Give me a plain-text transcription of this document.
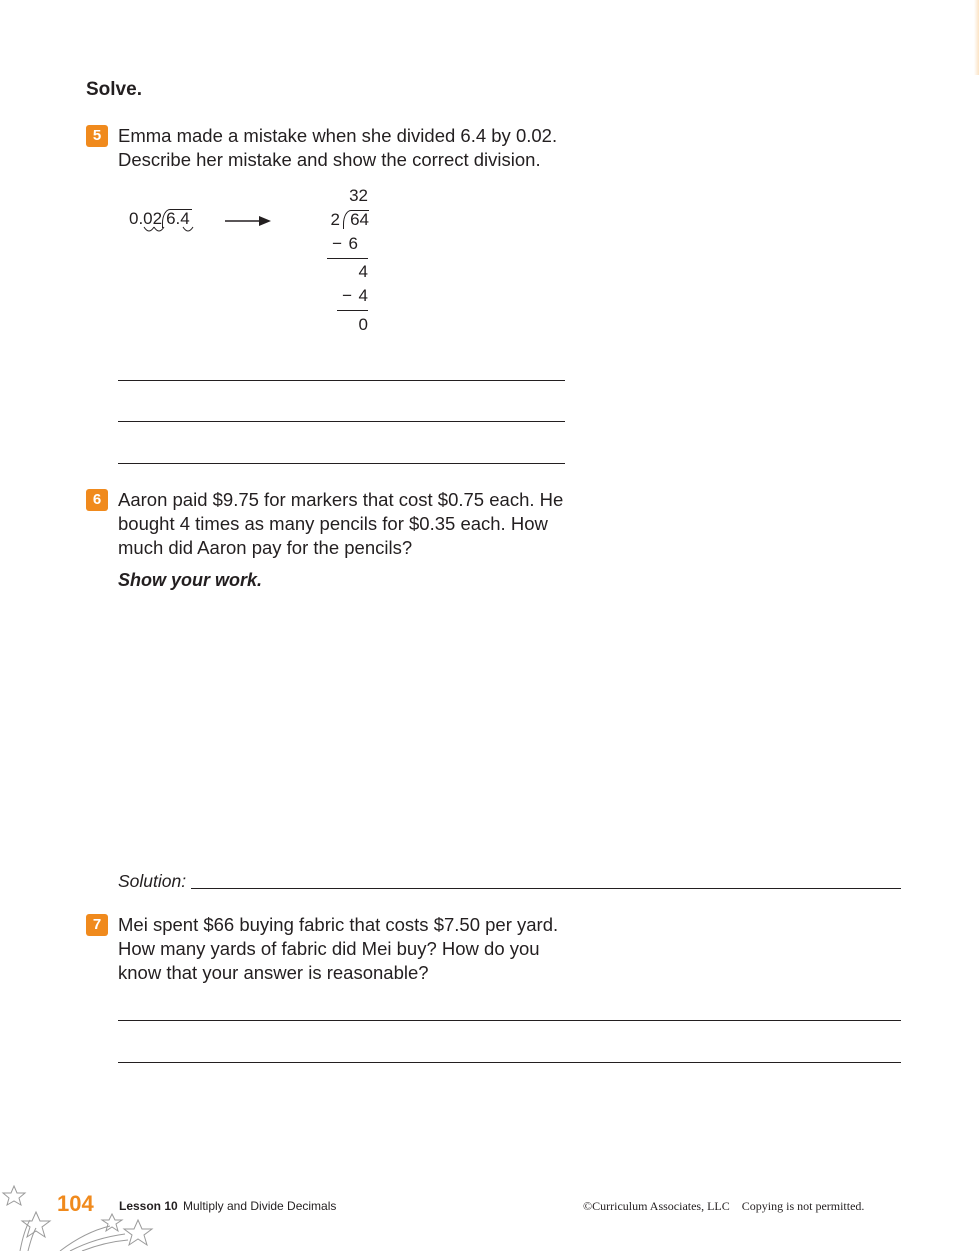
Solve.
5 Emma made a mistake when she divided 6.4 by 0.02.
Describe her mistake and show the correct division.
0.02 6.4
32
2 64
− 6
4
− 4
0
6 Aaron paid $9.75 for markers that cost $0.75 each. He
bought 4 times as many pencils for $0.35 each. How
much did Aaron pay for the pencils?
Show your work.
Solution:
7 Mei spent $66 buying fabric that costs $7.50 per yard.
How many yards of fabric did Mei buy? How do you
know that your answer is reasonable?
104 Lesson 10 Multiply and Divide Decimals	©Curriculum Associates, LLC    Copying is not permitted.
